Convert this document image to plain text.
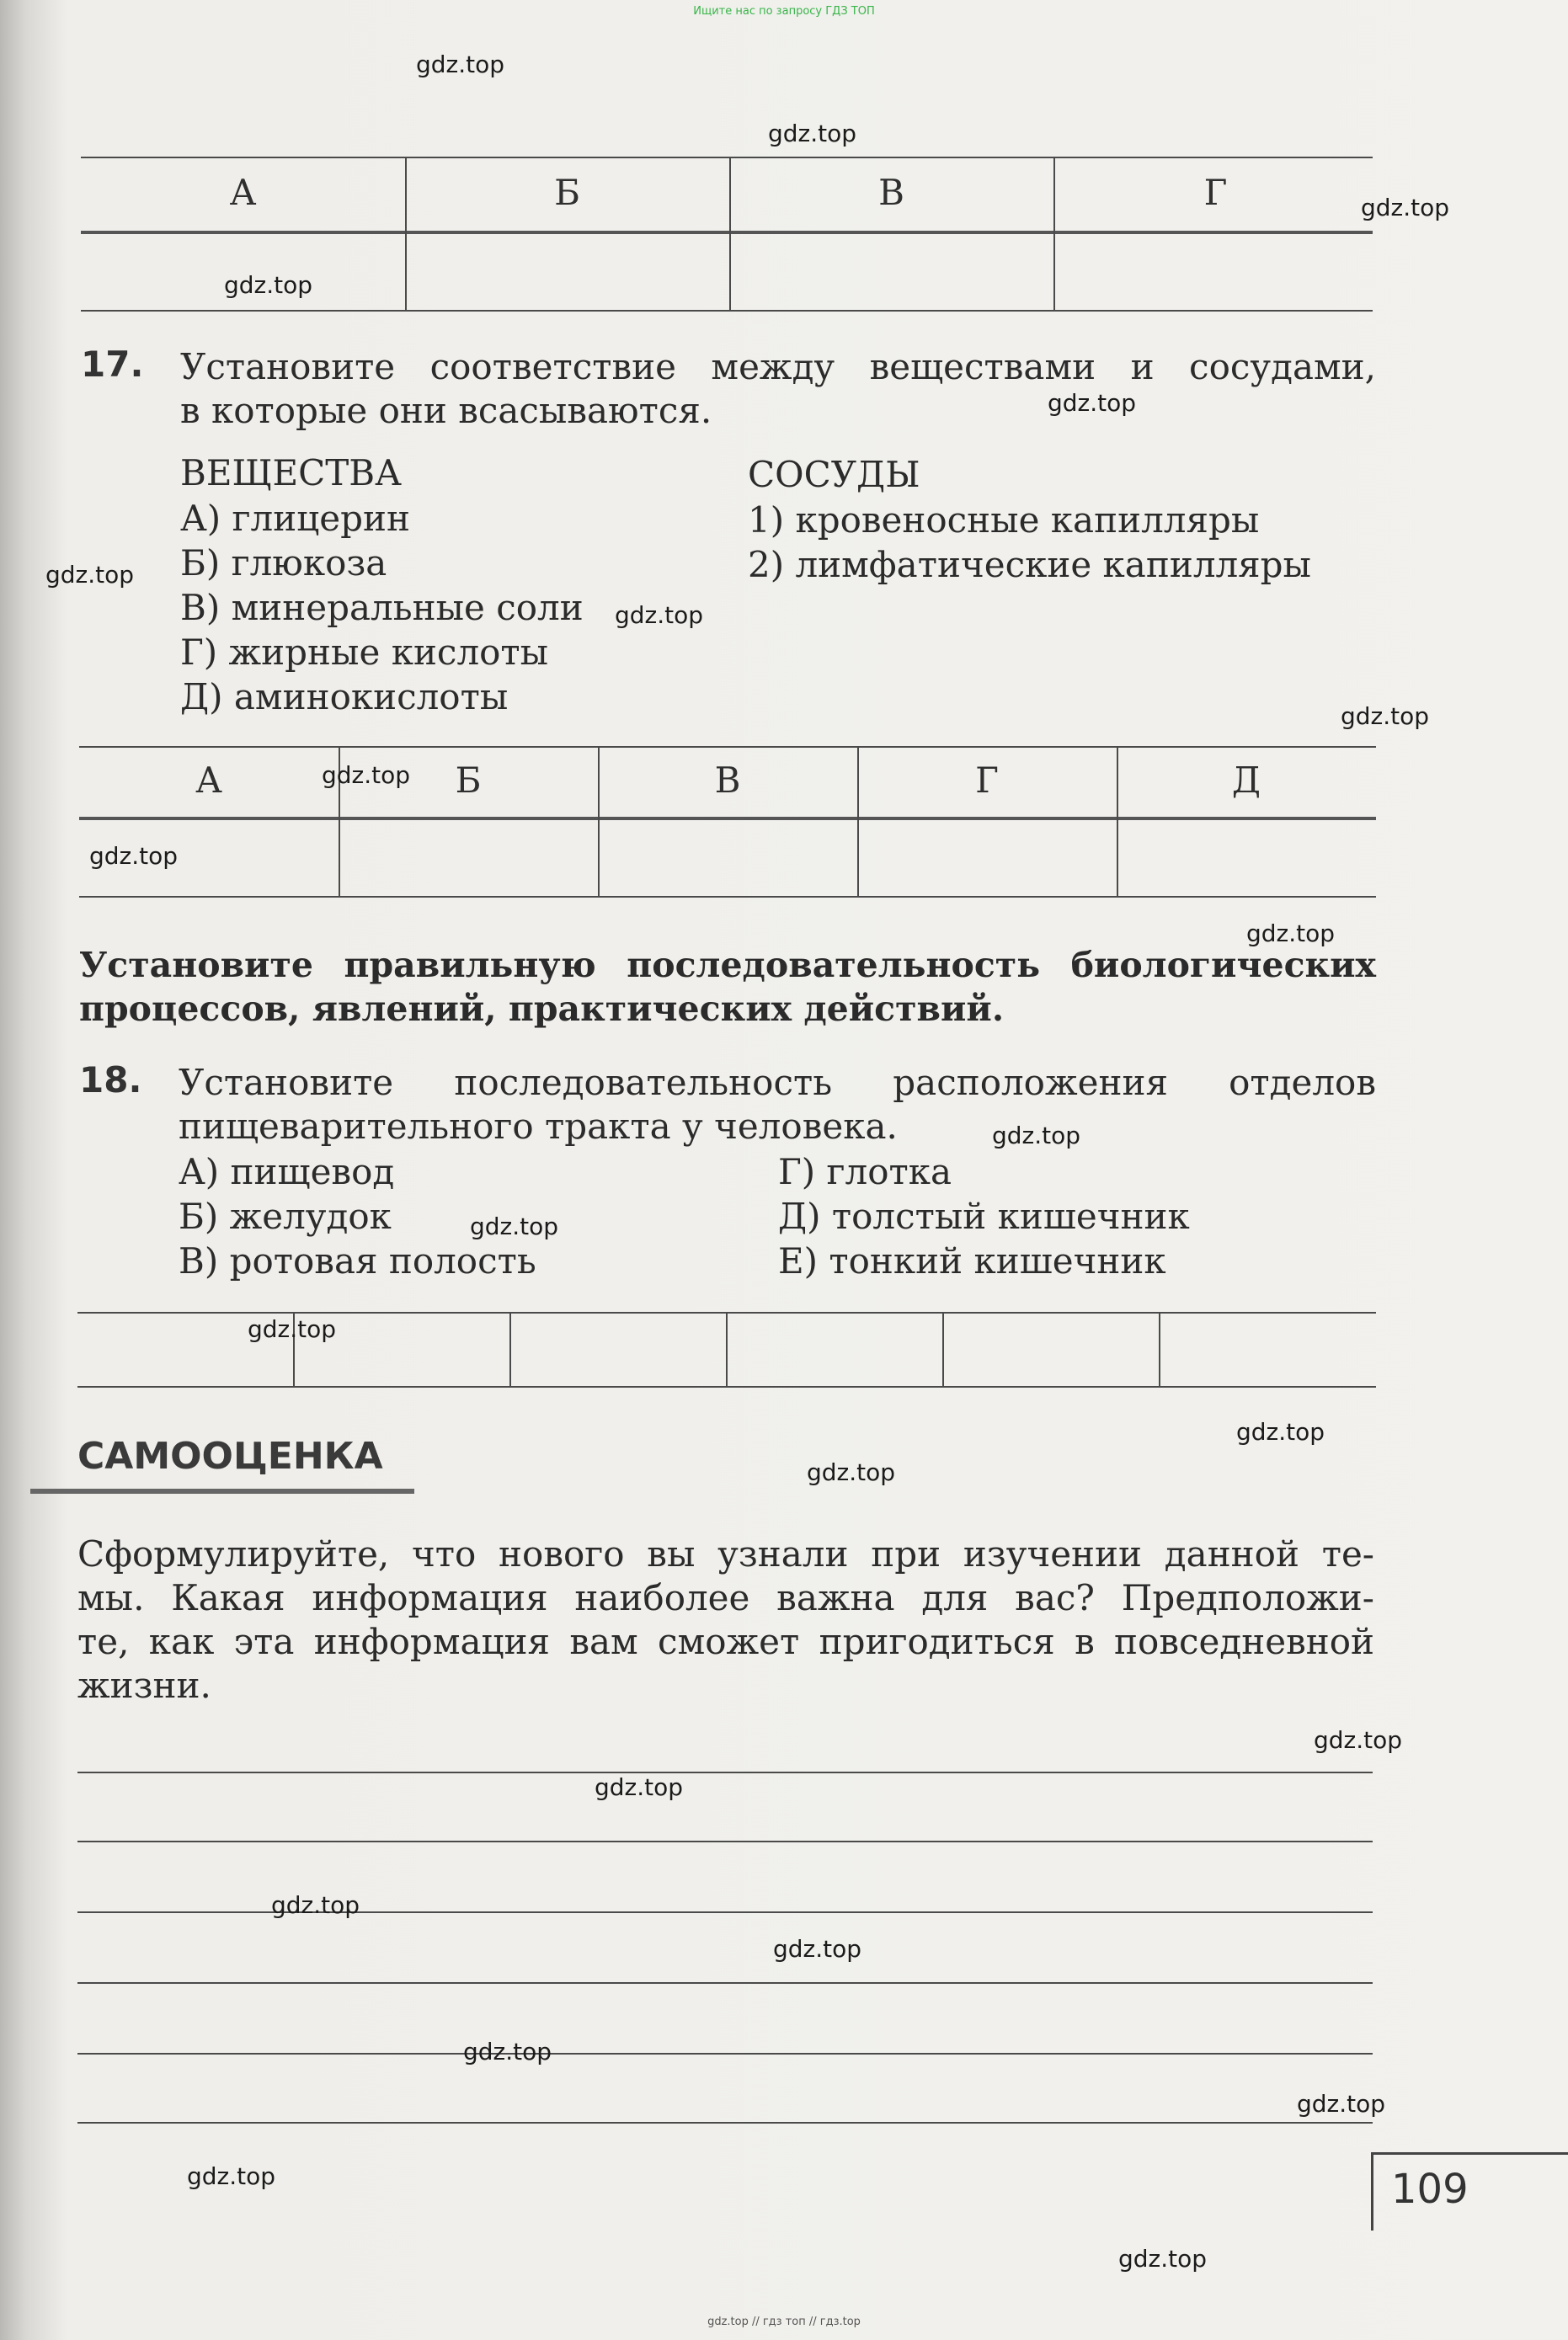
Ищите нас по запросу ГДЗ ТОП
А	Б	В	Г
17. Установите соответствие между веществами и сосудами,
в которые они всасываются.
ВЕЩЕСТВА
А) глицерин
Б) глюкоза
В) минеральные соли
Г) жирные кислоты
Д) аминокислоты
СОСУДЫ
1) кровеносные капилляры
2) лимфатические капилляры
А	Б	В	Г	Д
Установите правильную последовательность биологических
процессов, явлений, практических действий.
18. Установите последовательность расположения отделов
пищеварительного тракта у человека.
А) пищевод
Б) желудок
В) ротовая полость
Г) глотка
Д) толстый кишечник
Е) тонкий кишечник
САМООЦЕНКА
Сформулируйте, что нового вы узнали при изучении данной те-
мы. Какая информация наиболее важна для вас? Предположи-
те, как эта информация вам сможет пригодиться в повседневной
жизни.
109
gdz.top
gdz.top
gdz.top
gdz.top
gdz.top
gdz.top
gdz.top
gdz.top
gdz.top
gdz.top
gdz.top
gdz.top
gdz.top
gdz.top
gdz.top
gdz.top
gdz.top
gdz.top
gdz.top
gdz.top
gdz.top
gdz.top
gdz.top
gdz.top
gdz.top // гдз топ // гдз.top
